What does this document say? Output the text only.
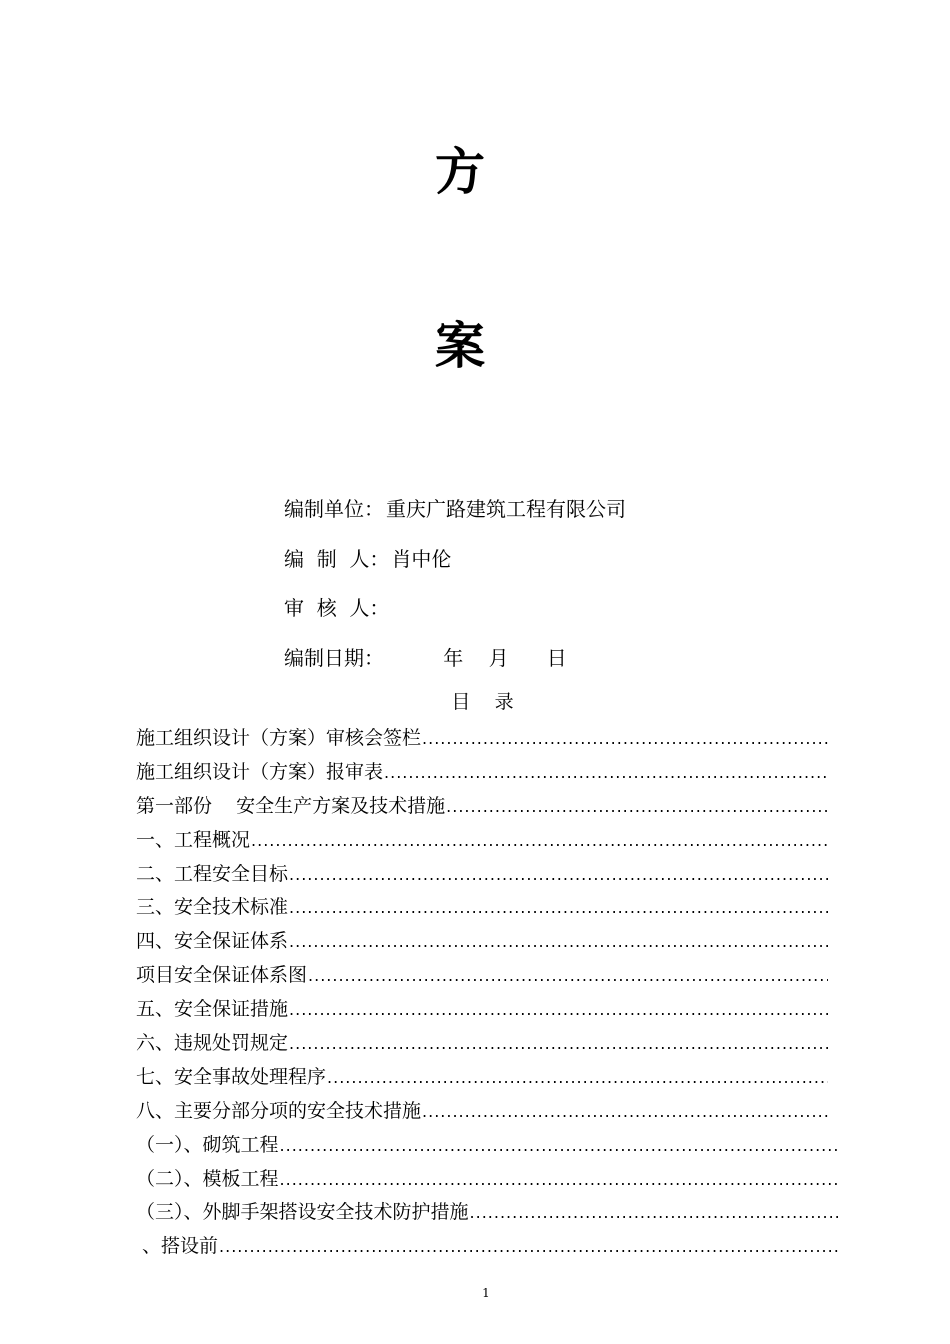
方
案
编制单位： 重庆广路建筑工程有限公司
编  制  人： 肖中伦
审  核  人：
编制日期：         年    月      日
目    录
施工组织设计（方案）审核会签栏
.....
施工组织设计（方案）报审表
.....
第一部份    安全生产方案及技术措施
.....
一、工程概况
.....
二、工程安全目标
.....
三、安全技术标准
.....
四、安全保证体系
.....
项目安全保证体系图
.....
五、安全保证措施
.....
六、违规处罚规定
.....
七、安全事故处理程序
.....
八、主要分部分项的安全技术措施
.....
（一）、砌筑工程
.....
（二）、模板工程
.....
（三）、外脚手架搭设安全技术防护措施
.....
、搭设前
.....
1
